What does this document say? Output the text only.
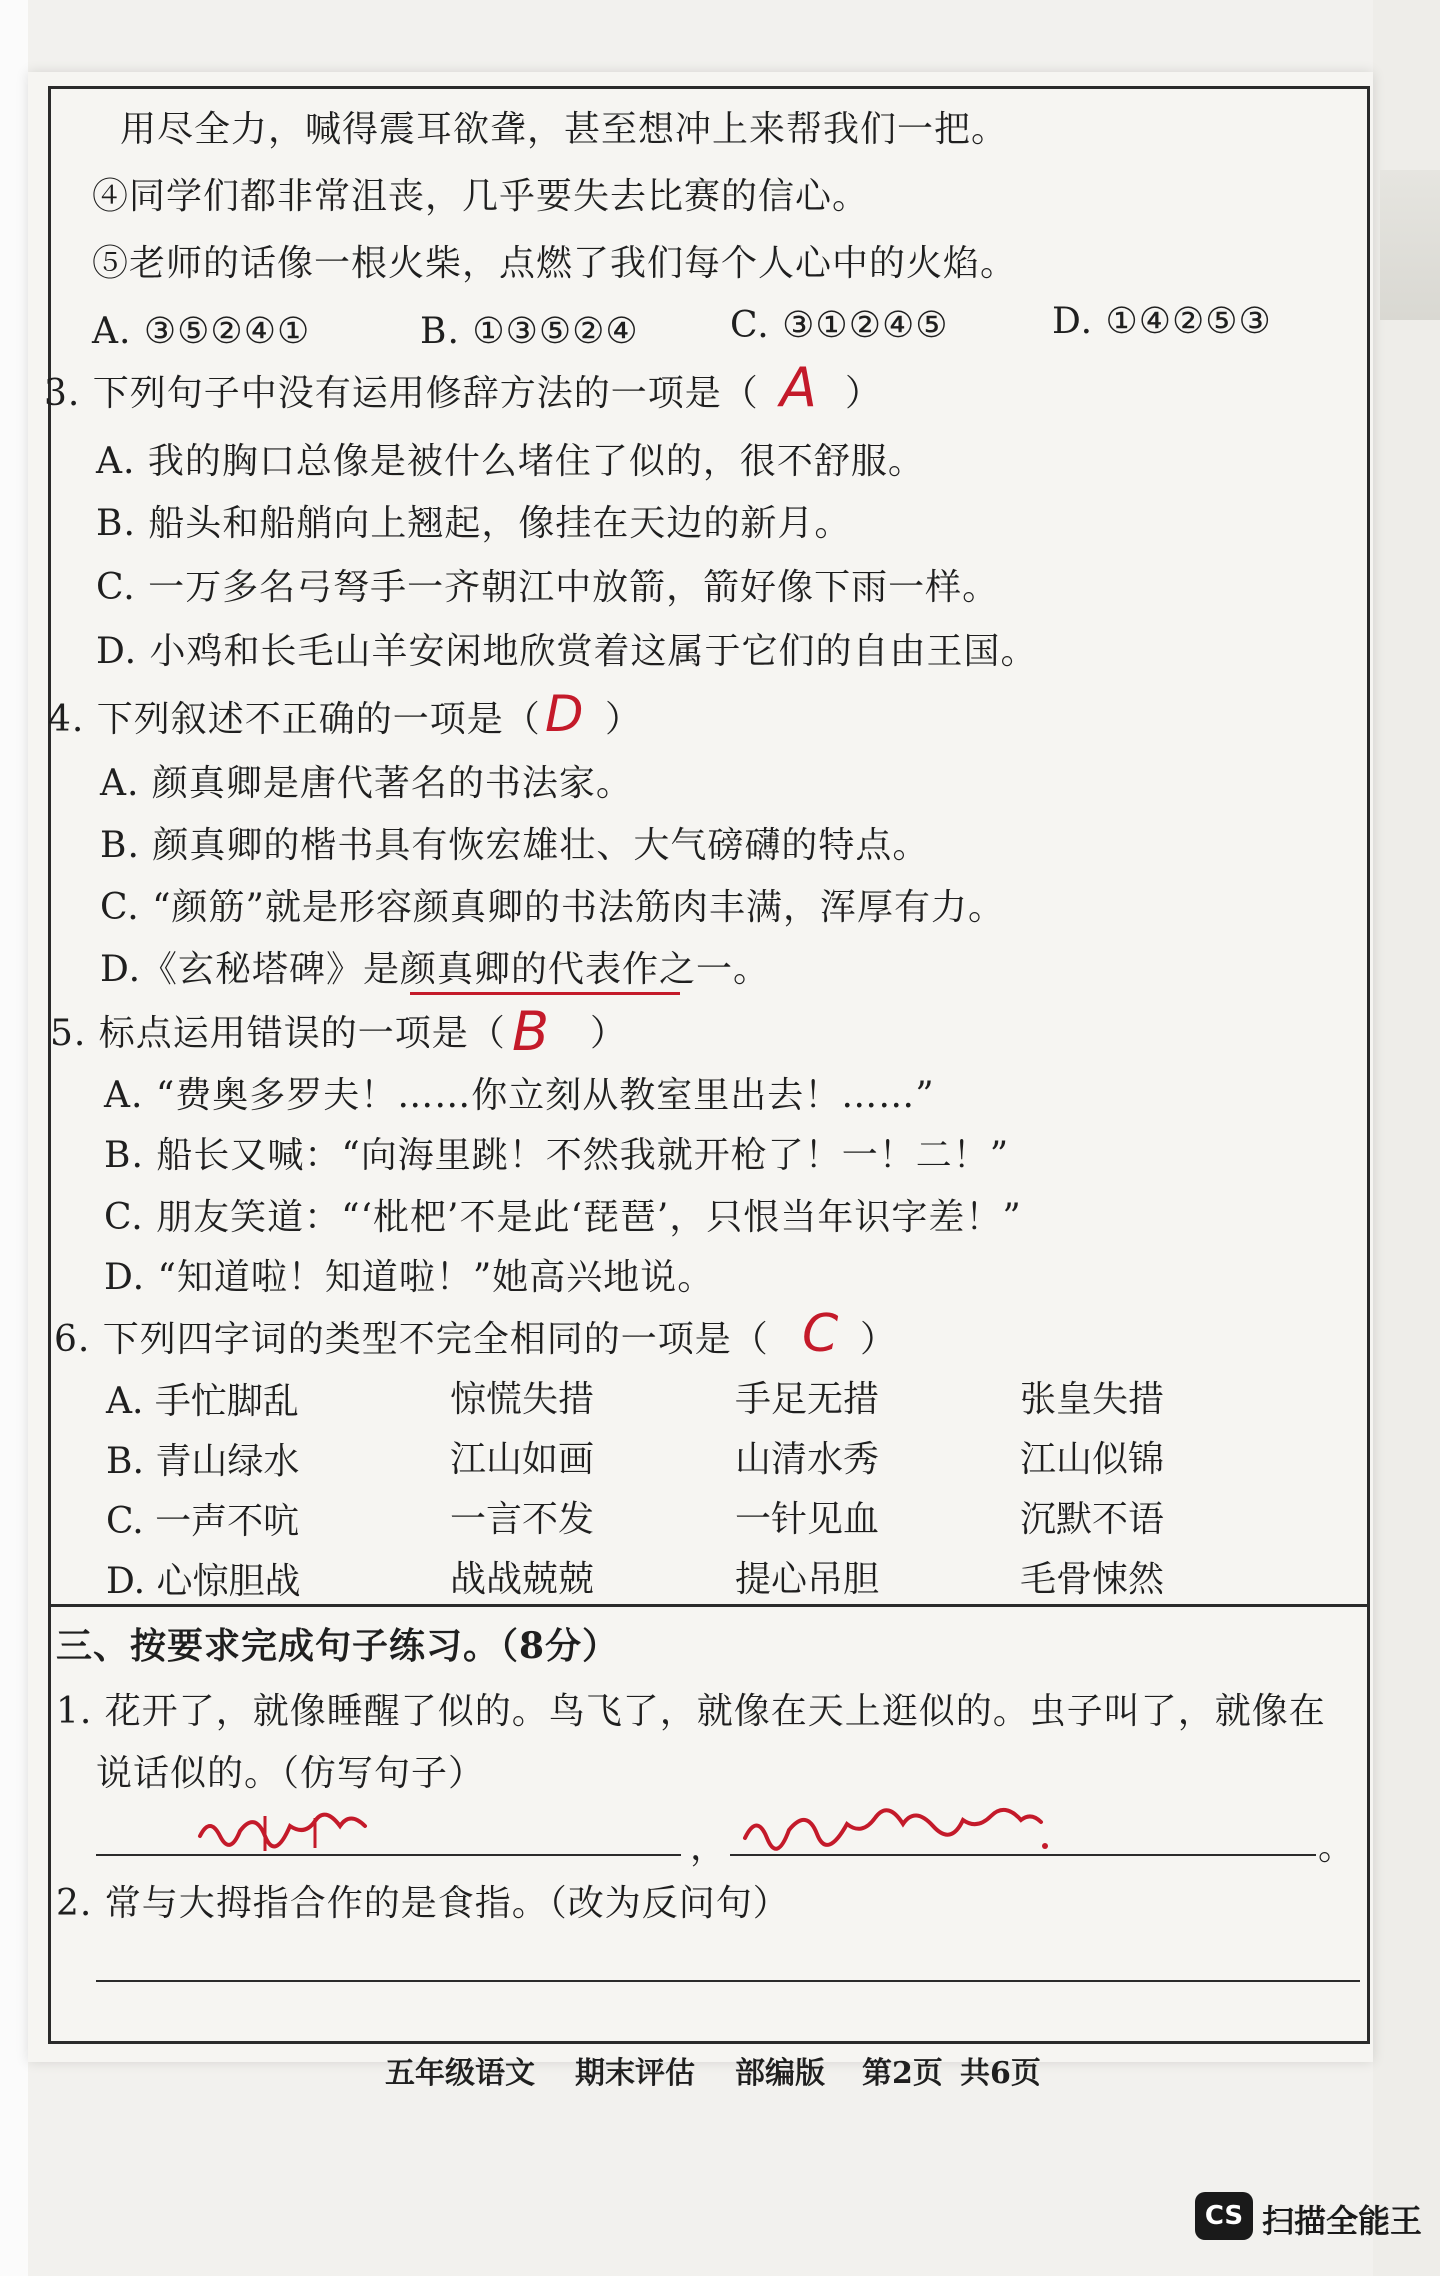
用尽全力，喊得震耳欲聋，甚至想冲上来帮我们一把。
④同学们都非常沮丧，几乎要失去比赛的信心。
⑤老师的话像一根火柴，点燃了我们每个人心中的火焰。
A. ③⑤②④①	B. ①③⑤②④	C. ③①②④⑤	D. ①④②⑤③
3. 下列句子中没有运用修辞方法的一项是（ A ）
A. 我的胸口总像是被什么堵住了似的，很不舒服。
B. 船头和船艄向上翘起，像挂在天边的新月。
C. 一万多名弓弩手一齐朝江中放箭，箭好像下雨一样。
D. 小鸡和长毛山羊安闲地欣赏着这属于它们的自由王国。
4. 下列叙述不正确的一项是（ D ）
A. 颜真卿是唐代著名的书法家。
B. 颜真卿的楷书具有恢宏雄壮、大气磅礴的特点。
C. “颜筋”就是形容颜真卿的书法筋肉丰满，浑厚有力。
D.《玄秘塔碑》是颜真卿的代表作之一。
5. 标点运用错误的一项是（ B ）
A. “费奥多罗夫！……你立刻从教室里出去！……”
B. 船长又喊：“向海里跳！不然我就开枪了！一！二！”
C. 朋友笑道：“‘枇杷’不是此‘琵琶’，只恨当年识字差！”
D. “知道啦！知道啦！”她高兴地说。
6. 下列四字词的类型不完全相同的一项是（ C ）
A. 手忙脚乱	惊慌失措	手足无措	张皇失措
B. 青山绿水	江山如画	山清水秀	江山似锦
C. 一声不吭	一言不发	一针见血	沉默不语
D. 心惊胆战	战战兢兢	提心吊胆	毛骨悚然
三、按要求完成句子练习。（8分）
1. 花开了，就像睡醒了似的。鸟飞了，就像在天上逛似的。虫子叫了，就像在
说话似的。（仿写句子）
，	。
2. 常与大拇指合作的是食指。（改为反问句）
五年级语文 期末评估 部编版 第2页 共6页
CS 扫描全能王
